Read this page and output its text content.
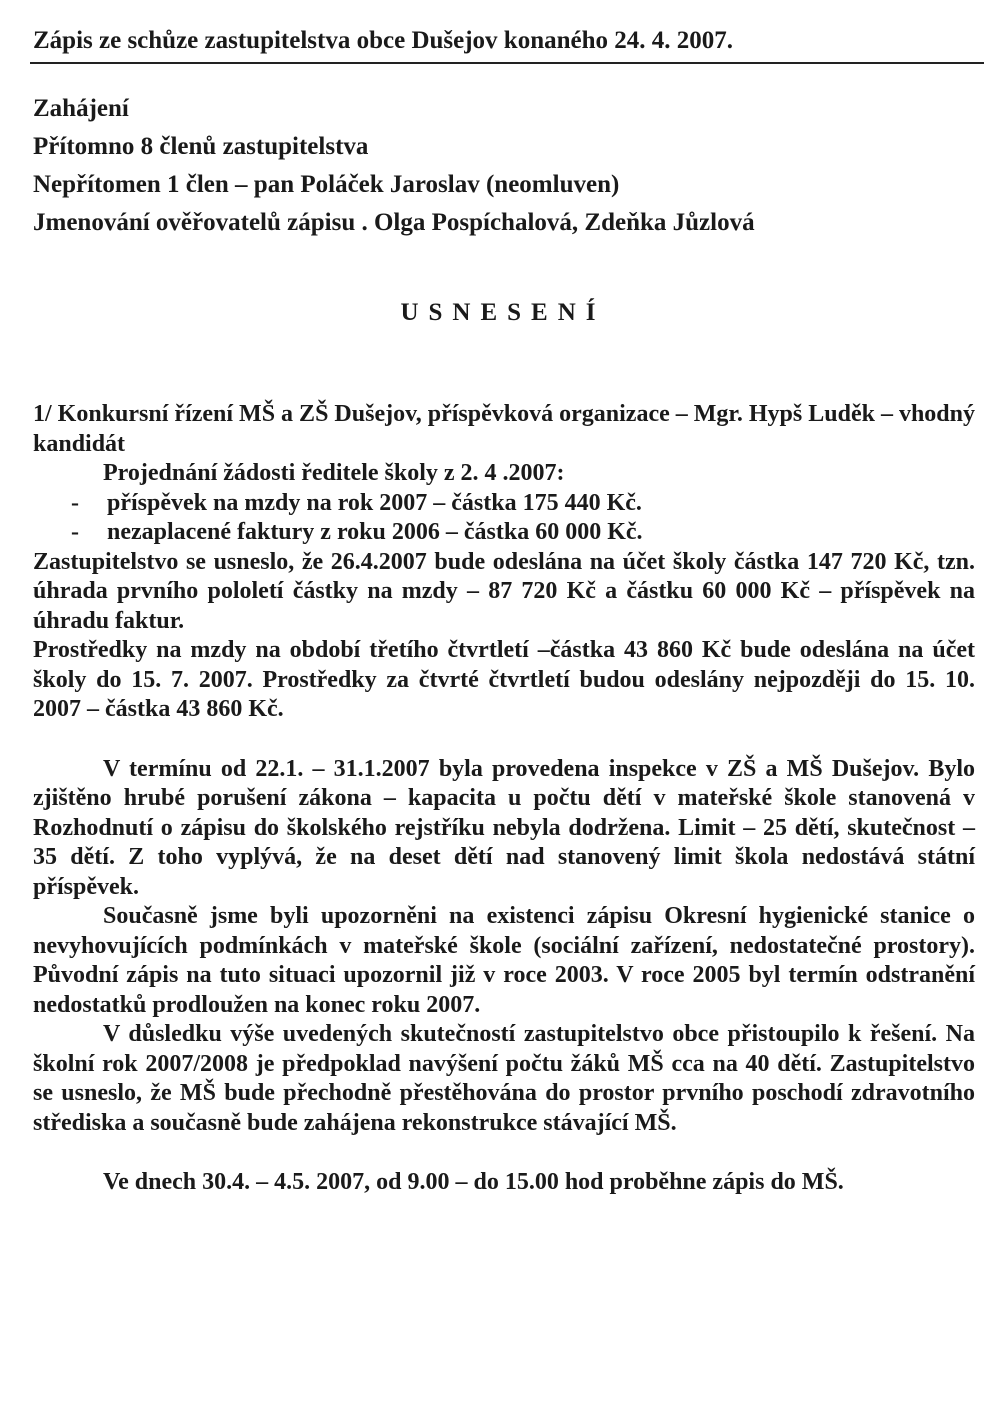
Zápis ze schůze zastupitelstva obce Dušejov konaného 24. 4. 2007.
Zahájení
Přítomno 8 členů zastupitelstva
Nepřítomen 1 člen – pan Poláček Jaroslav (neomluven)
Jmenování ověřovatelů zápisu . Olga Pospíchalová, Zdeňka Jůzlová
USNESENÍ

1/ Konkursní řízení MŠ a ZŠ Dušejov, příspěvková organizace – Mgr. Hypš Luděk – vhodný kandidát

Projednání žádosti ředitele školy z 2. 4 .2007:

-	příspěvek na mzdy na rok 2007 – částka 175 440 Kč.
-	nezaplacené faktury z roku 2006 – částka 60 000 Kč.

Zastupitelstvo se usneslo, že 26.4.2007 bude odeslána na účet školy částka 147 720 Kč, tzn. úhrada prvního pololetí částky na mzdy – 87 720 Kč a částku 60 000 Kč – příspěvek na úhradu faktur.

Prostředky na mzdy na období třetího čtvrtletí –částka 43 860 Kč bude odeslána na účet školy do 15. 7. 2007. Prostředky za čtvrté čtvrtletí budou odeslány nejpozději do 15. 10. 2007 – částka 43 860 Kč.

V termínu od 22.1. – 31.1.2007 byla provedena inspekce v ZŠ a MŠ Dušejov. Bylo zjištěno hrubé porušení zákona – kapacita u počtu dětí v mateřské škole stanovená v Rozhodnutí o zápisu do školského rejstříku nebyla dodržena. Limit – 25 dětí, skutečnost – 35 dětí. Z toho vyplývá, že na deset dětí nad stanovený limit škola nedostává státní příspěvek.

Současně jsme byli upozorněni na existenci zápisu Okresní hygienické stanice o nevyhovujících podmínkách v mateřské škole (sociální zařízení, nedostatečné prostory). Původní zápis na tuto situaci upozornil již v roce 2003. V roce 2005 byl termín odstranění nedostatků prodloužen na konec roku 2007.

V důsledku výše uvedených skutečností zastupitelstvo obce přistoupilo k řešení. Na školní rok 2007/2008 je předpoklad navýšení počtu žáků MŠ cca na 40 dětí. Zastupitelstvo se usneslo, že MŠ bude přechodně přestěhována do prostor prvního poschodí zdravotního střediska a současně bude zahájena rekonstrukce stávající MŠ.

Ve dnech 30.4. – 4.5. 2007, od 9.00 – do 15.00 hod proběhne zápis do MŠ.
